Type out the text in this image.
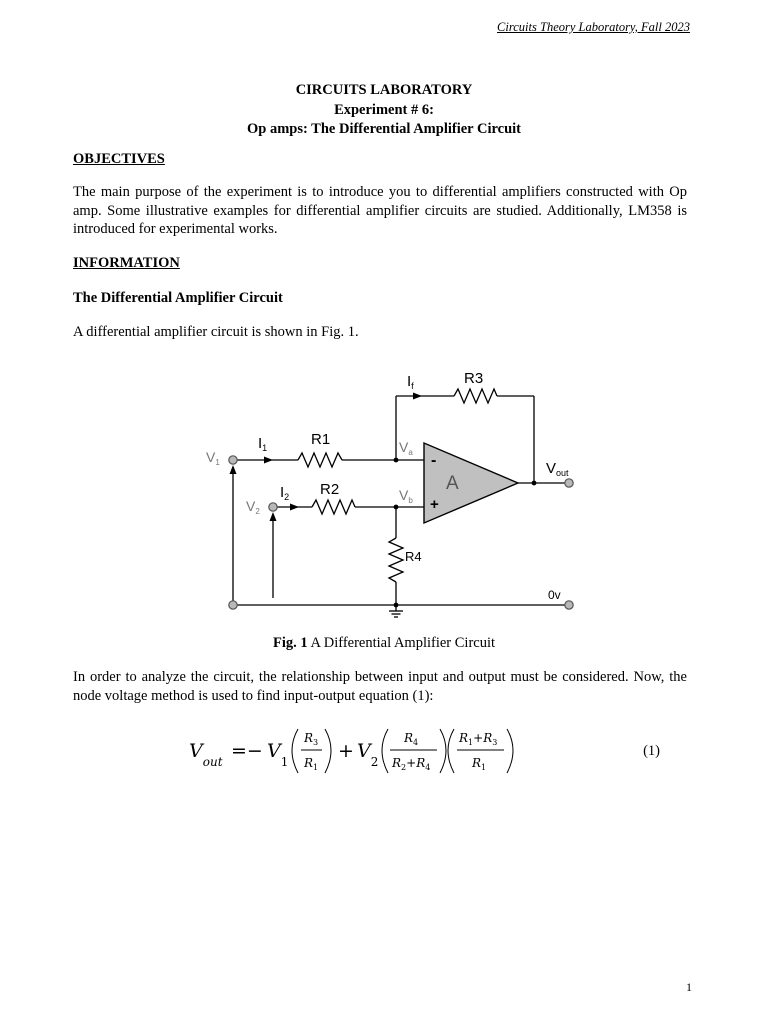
Circuits Theory Laboratory, Fall 2023
CIRCUITS LABORATORY
Experiment # 6:
Op amps: The Differential Amplifier Circuit
OBJECTIVES
The main purpose of the experiment is to introduce you to differential amplifiers constructed with Op amp. Some illustrative examples for differential amplifier circuits are studied. Additionally, LM358 is introduced for experimental works.
INFORMATION
The Differential Amplifier Circuit
A differential amplifier circuit is shown in Fig. 1.
$I_f$	R3
$I_1$	R1	$V_a$
$V_1$
$I_2$ R2	$V_b$
$V_2$
-
+
A
$V_{out}$
R4
0v
Fig. 1 A Differential Amplifier Circuit
In order to analyze the circuit, the relationship between input and output must be considered. Now, the node voltage method is used to find input-output equation (1):
$V_{out} =- V_1$
$R_3$
$R_1$
+ $V_2$
$R_4$
$R_2+R_4$
$R_1+R_3$
$R_1$
(1)
1
